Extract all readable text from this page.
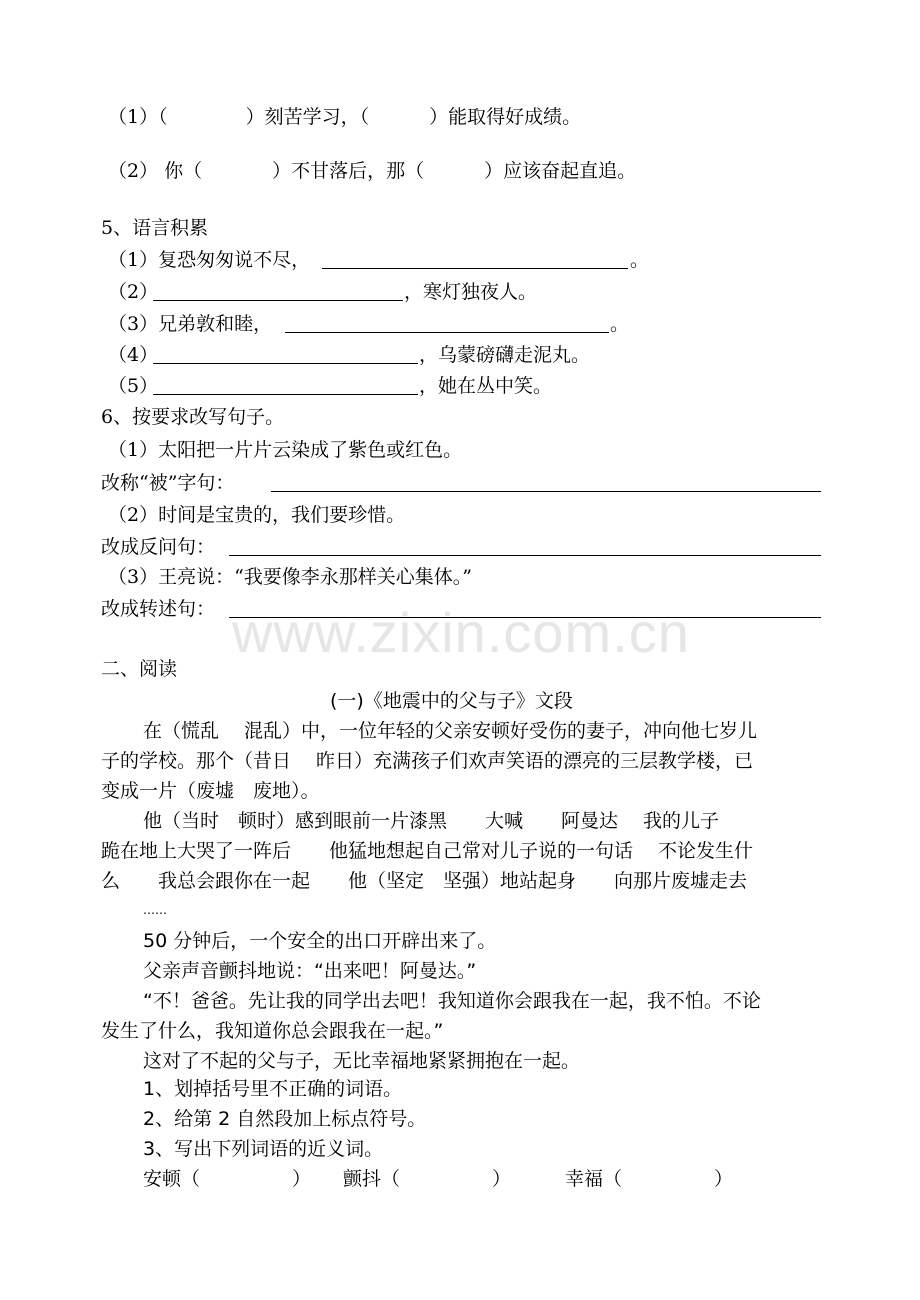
（1）（	）刻苦学习，（	）能取得好成绩。
（2） 你（	）不甘落后，那（	）应该奋起直追。
5、语言积累
（1）复恐匆匆说不尽，	。
（2）	，寒灯独夜人。
（3）兄弟敦和睦，	。
（4）	，乌蒙磅礴走泥丸。
（5）	，她在丛中笑。
6、按要求改写句子。
（1）太阳把一片片云染成了紫色或红色。
改称“被”字句：
（2）时间是宝贵的，我们要珍惜。
改成反问句：
（3）王亮说：“我要像李永那样关心集体。”
改成转述句： www.zixin.com.cn
二、阅读
(一)《地震中的父与子》文段
在（慌乱　 混乱）中，一位年轻的父亲安顿好受伤的妻子，冲向他七岁儿
子的学校。那个（昔日　 昨日）充满孩子们欢声笑语的漂亮的三层教学楼，已
变成一片（废墟　废地）。
他（当时　顿时）感到眼前一片漆黑　　大喊　　阿曼达　 我的儿子
跪在地上大哭了一阵后　　他猛地想起自己常对儿子说的一句话　 不论发生什
么　　我总会跟你在一起　　他（坚定　坚强）地站起身　　向那片废墟走去
……
50 分钟后，一个安全的出口开辟出来了。
父亲声音颤抖地说：“出来吧！阿曼达。”
“不！爸爸。先让我的同学出去吧！我知道你会跟我在一起，我不怕。不论
发生了什么，我知道你总会跟我在一起。”
这对了不起的父与子，无比幸福地紧紧拥抱在一起。
1、划掉括号里不正确的词语。
2、给第 2 自然段加上标点符号。
3、写出下列词语的近义词。
安顿（	） 颤抖（	）	幸福（	）
